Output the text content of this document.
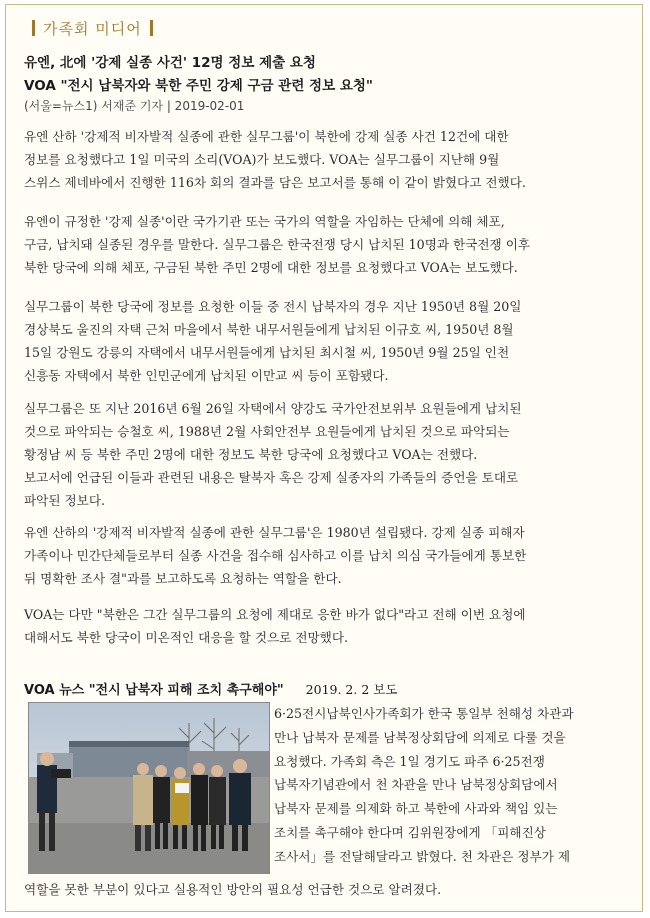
가족회 미디어
유엔, 北에 '강제 실종 사건' 12명 정보 제출 요청
VOA "전시 납북자와 북한 주민 강제 구금 관련 정보 요청"
(서울=뉴스1) 서재준 기자 | 2019-02-01
유엔 산하 '강제적 비자발적 실종에 관한 실무그룹'이 북한에 강제 실종 사건 12건에 대한
정보를 요청했다고 1일 미국의 소리(VOA)가 보도했다. VOA는 실무그룹이 지난해 9월
스위스 제네바에서 진행한 116차 회의 결과를 담은 보고서를 통해 이 같이 밝혔다고 전했다.
유엔이 규정한 '강제 실종'이란 국가기관 또는 국가의 역할을 자임하는 단체에 의해 체포,
구금, 납치돼 실종된 경우를 말한다. 실무그룹은 한국전쟁 당시 납치된 10명과 한국전쟁 이후
북한 당국에 의해 체포, 구금된 북한 주민 2명에 대한 정보를 요청했다고 VOA는 보도했다.
실무그룹이 북한 당국에 정보를 요청한 이들 중 전시 납북자의 경우 지난 1950년 8월 20일
경상북도 울진의 자택 근처 마을에서 북한 내무서원들에게 납치된 이규호 씨, 1950년 8월
15일 강원도 강릉의 자택에서 내무서원들에게 납치된 최시철 씨, 1950년 9월 25일 인천
신흥동 자택에서 북한 인민군에게 납치된 이만교 씨 등이 포함됐다.
실무그룹은 또 지난 2016년 6월 26일 자택에서 양강도 국가안전보위부 요원들에게 납치된
것으로 파악되는 승철호 씨, 1988년 2월 사회안전부 요원들에게 납치된 것으로 파악되는
황정남 씨 등 북한 주민 2명에 대한 정보도 북한 당국에 요청했다고 VOA는 전했다.
보고서에 언급된 이들과 관련된 내용은 탈북자 혹은 강제 실종자의 가족들의 증언을 토대로
파악된 정보다.
유엔 산하의 '강제적 비자발적 실종에 관한 실무그룹'은 1980년 설립됐다. 강제 실종 피해자
가족이나 민간단체들로부터 실종 사건을 접수해 심사하고 이를 납치 의심 국가들에게 통보한
뒤 명확한 조사 결"과를 보고하도록 요청하는 역할을 한다.
VOA는 다만 "북한은 그간 실무그룹의 요청에 제대로 응한 바가 없다"라고 전해 이번 요청에
대해서도 북한 당국이 미온적인 대응을 할 것으로 전망했다.
VOA 뉴스 "전시 납북자 피해 조치 촉구해야" 2019. 2. 2 보도
6·25전시납북인사가족회가 한국 통일부 천해성 차관과
만나 납북자 문제를 남북정상회담에 의제로 다룰 것을
요청했다. 가족회 측은 1일 경기도 파주 6·25전쟁
납북자기념관에서 천 차관을 만나 남북정상회담에서
납북자 문제를 의제화 하고 북한에 사과와 책임 있는
조치를 촉구해야 한다며 김위원장에게 「피해진상
조사서」를 전달해달라고 밝혔다. 천 차관은 정부가 제
역할을 못한 부분이 있다고 실용적인 방안의 필요성 언급한 것으로 알려졌다.
